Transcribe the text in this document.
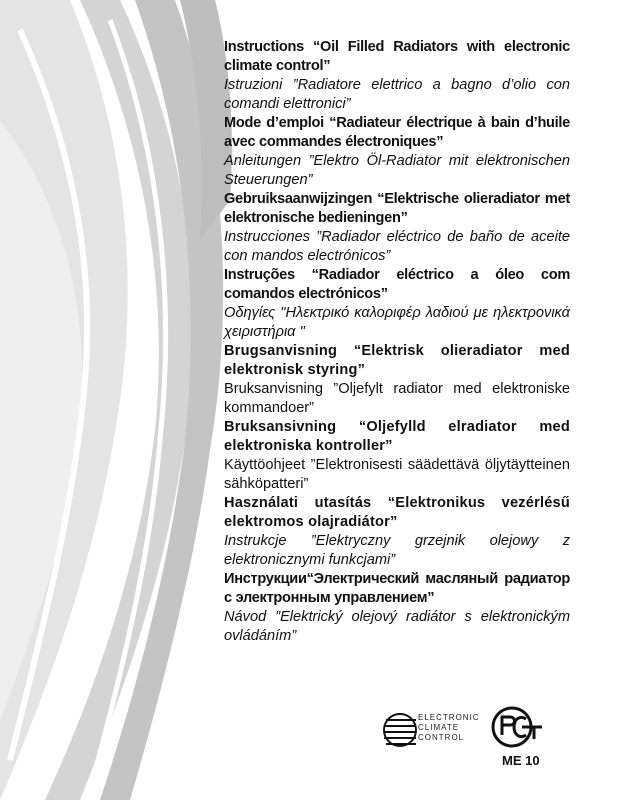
Instructions “Oil Filled Radiators with electronic climate control”

Istruzioni ”Radiatore elettrico a bagno d’olio con comandi elettronici”

Mode d’emploi “Radiateur électrique à bain d’huile avec commandes électroniques”

Anleitungen ”Elektro Öl-Radiator mit elektronischen Steuerungen”

Gebruiksaanwijzingen “Elektrische olieradiator met elektronische bedieningen”

Instrucciones ”Radiador eléctrico de baño de aceite con mandos electrónicos”

Instruções “Radiador eléctrico a óleo com comandos electrónicos”

Οδηγίες "Ηλεκτρικό καλοριφέρ λαδιού με ηλεκτρονικά χειριστήρια "

Brugsanvisning “Elektrisk olieradiator med elektronisk styring”

Bruksanvisning ”Oljefylt radiator med elektroniske kommandoer”

Bruksansivning “Oljefylld elradiator med elektroniska kontroller”

Käyttöohjeet ”Elektronisesti säädettävä öljytäytteinen sähköpatteri”

Használati utasítás “Elektronikus vezérlésű elektromos olajradiátor”

Instrukcje ”Elektryczny grzejnik olejowy z elektronicznymi funkcjami”

Инструкции“Электрический масляный радиатор с электронным управлением”

Návod ”Elektrický olejový radiátor s elektronickým ovládáním”

ELECTRONIC
CLIMATE
CONTROL
ME 10
